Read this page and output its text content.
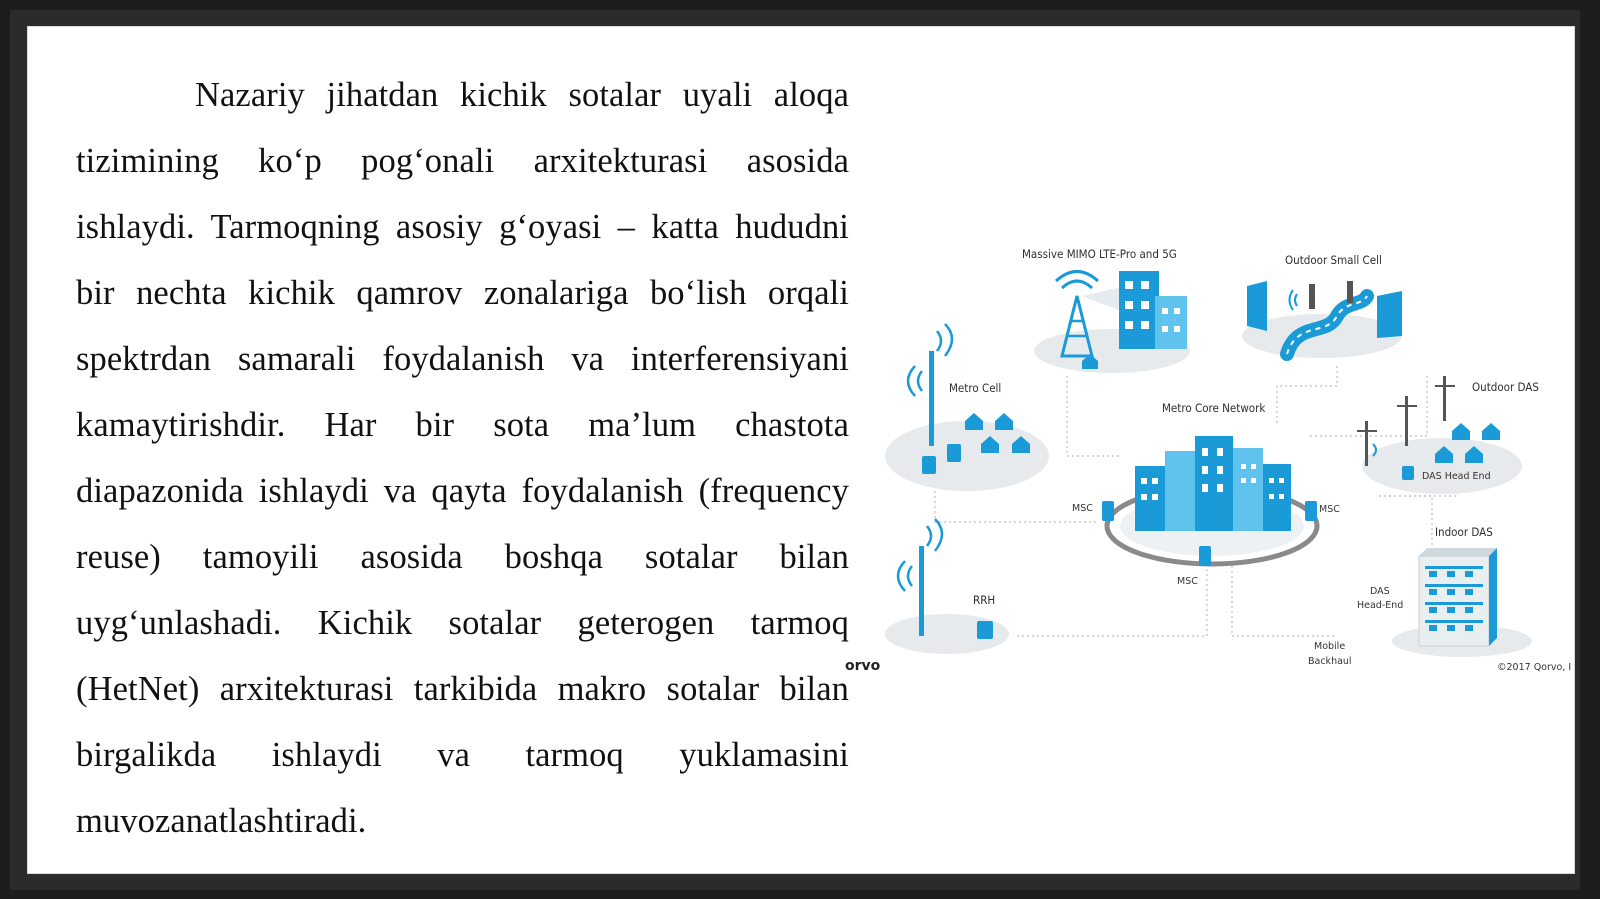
Nazariy jihatdan kichik sotalar uyali aloqa tizimining ko‘p pog‘onali arxitekturasi asosida ishlaydi. Tarmoqning asosiy g‘oyasi – katta hududni bir nechta kichik qamrov zonalariga bo‘lish orqali spektrdan samarali foydalanish va interferensiyani kamaytirishdir. Har bir sota ma’lum chastota diapazonida ishlaydi va qayta foydalanish (frequency reuse) tamoyili asosida boshqa sotalar bilan uyg‘unlashadi. Kichik sotalar geterogen tarmoq (HetNet) arxitekturasi tarkibida makro sotalar bilan birgalikda ishlaydi va tarmoq yuklamasini muvozanatlashtiradi.

Massive MIMO LTE-Pro and 5G	Outdoor Small Cell
Metro Cell
Metro Core Network
MSC	MSC
MSC
Outdoor DAS
DAS Head End
Indoor DAS
DAS
Head-End
RRH
Mobile
Backhaul
orvo	©2017 Qorvo, I
